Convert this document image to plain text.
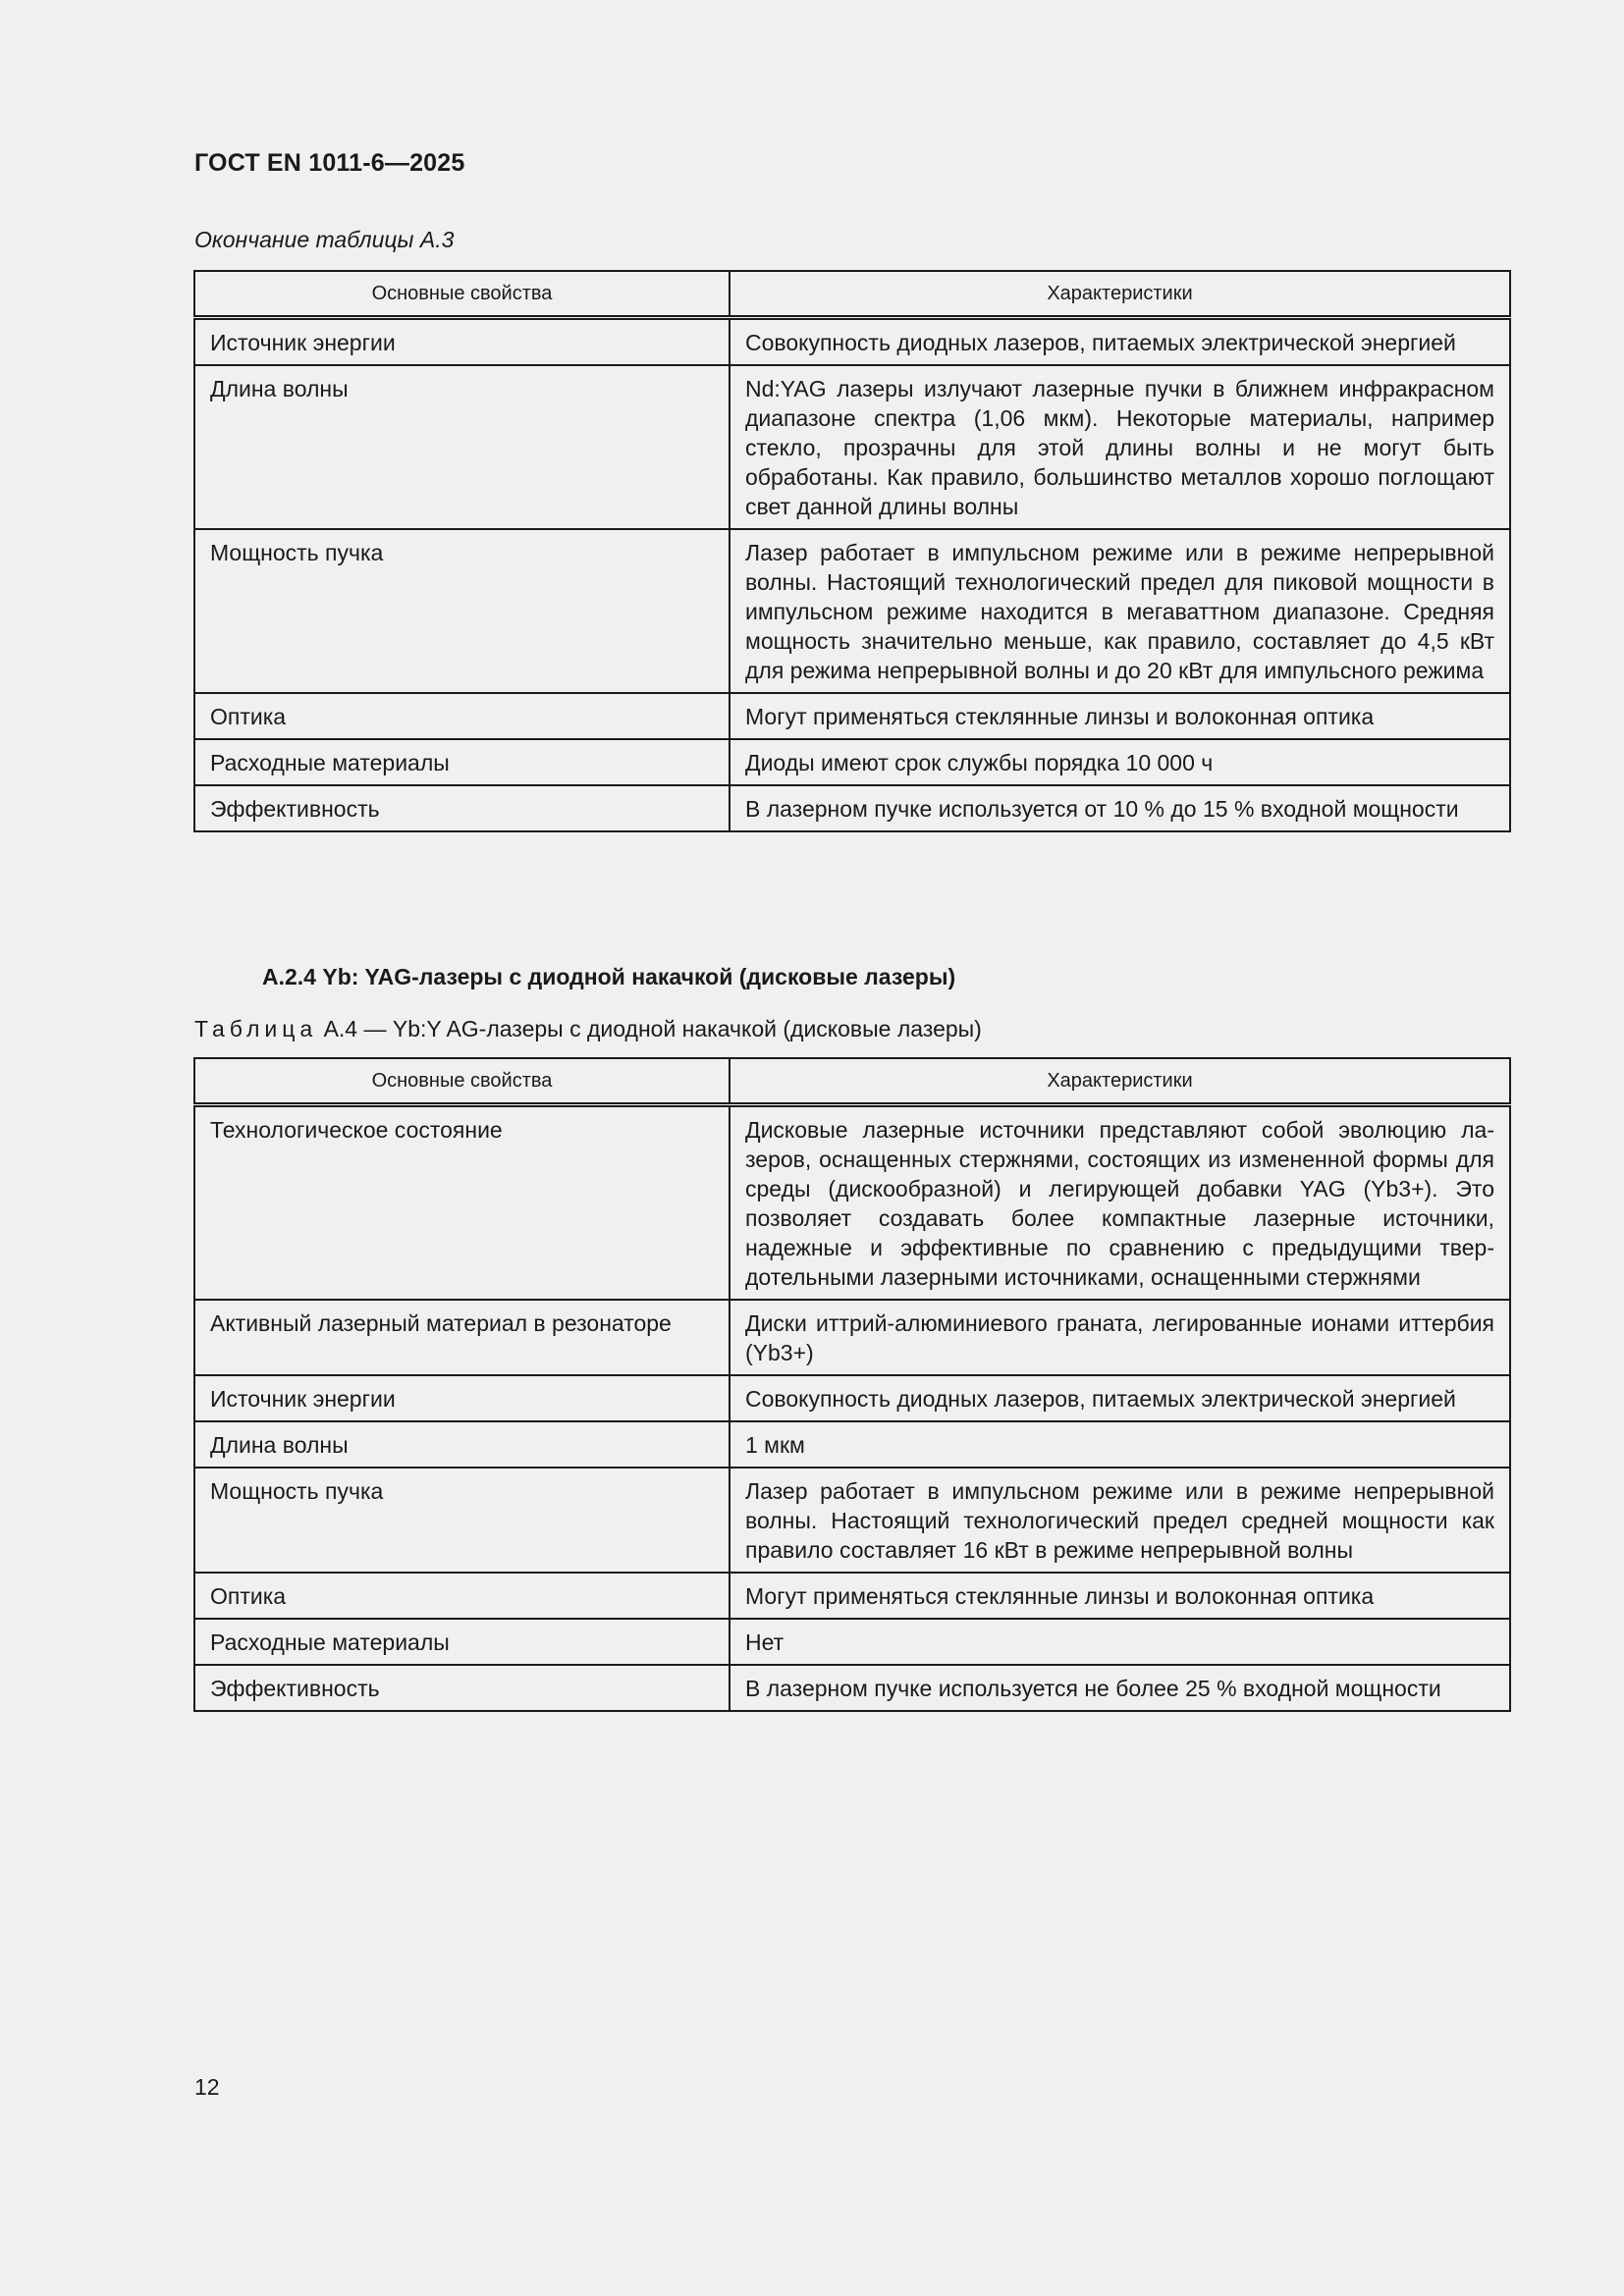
ГОСТ EN 1011-6—2025
Окончание таблицы А.3
Основные свойства	Характеристики
Источник энергии	Совокупность диодных лазеров, питаемых электрической энергией
Длина волны	Nd:YAG лазеры излучают лазерные пучки в ближнем инфракрасном диапазоне спектра (1,06 мкм). Некоторые материалы, например стекло, прозрачны для этой длины волны и не могут быть обработаны. Как правило, большинство металлов хорошо поглощают свет данной длины волны
Мощность пучка	Лазер работает в импульсном режиме или в режиме непрерывной волны. Настоящий технологический предел для пиковой мощности в импульсном режиме находится в мегаваттном диапазоне. Средняя мощность значительно меньше, как правило, составляет до 4,5 кВт для режима непрерывной волны и до 20 кВт для импульсного режима
Оптика	Могут применяться стеклянные линзы и волоконная оптика
Расходные материалы	Диоды имеют срок службы порядка 10 000 ч
Эффективность	В лазерном пучке используется от 10 % до 15 % входной мощности
А.2.4 Yb: YAG-лазеры с диодной накачкой (дисковые лазеры)
Таблица А.4 — Yb:Y AG-лазеры с диодной накачкой (дисковые лазеры)
Основные свойства	Характеристики
Технологическое состояние	Дисковые лазерные источники представляют собой эволюцию лазеров, оснащенных стержнями, состоящих из измененной формы для среды (дискообразной) и легирующей добавки YAG (Yb3+). Это позволяет создавать более компактные лазерные источники, надежные и эффективные по сравнению с предыдущими твердотельными лазерными источниками, оснащенными стержнями
Активный лазерный материал в резонаторе	Диски иттрий-алюминиевого граната, легированные ионами иттербия (Yb3+)
Источник энергии	Совокупность диодных лазеров, питаемых электрической энергией
Длина волны	1 мкм
Мощность пучка	Лазер работает в импульсном режиме или в режиме непрерывной волны. Настоящий технологический предел средней мощности как правило составляет 16 кВт в режиме непрерывной волны
Оптика	Могут применяться стеклянные линзы и волоконная оптика
Расходные материалы	Нет
Эффективность	В лазерном пучке используется не более 25 % входной мощности
12
